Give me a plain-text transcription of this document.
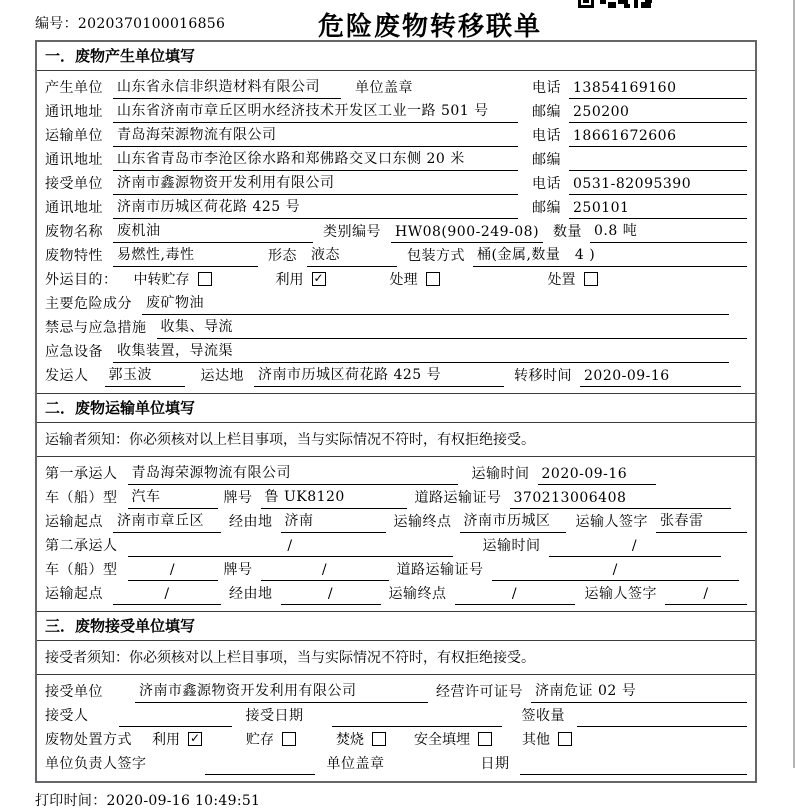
编号：2020370100016856	危险废物转移联单
一．废物产生单位填写
产生单位 山东省永信非织造材料有限公司	单位盖章	电话 13854169160
通讯地址 山东省济南市章丘区明水经济技术开发区工业一路 501 号	邮编 250200
运输单位 青岛海荣源物流有限公司	电话 18661672606
通讯地址 山东省青岛市李沧区徐水路和郑佛路交叉口东侧 20 米	邮编
接受单位 济南市鑫源物资开发利用有限公司	电话 0531-82095390
通讯地址 济南市历城区荷花路 425 号	邮编 250101
废物名称 废机油	类别编号 HW08(900-249-08) 数量 0.8 吨
废物特性 易燃性,毒性	形态 液态	包装方式 桶(金属,数量　4 )
外运目的： 中转贮存	利用 ✓	处理	处置
主要危险成分 废矿物油
禁忌与应急措施 收集、导流
应急设备 收集装置，导流渠
发运人 郭玉波	运达地 济南市历城区荷花路 425 号	转移时间 2020-09-16
二．废物运输单位填写
运输者须知：你必须核对以上栏目事项，当与实际情况不符时，有权拒绝接受。
第一承运人 青岛海荣源物流有限公司	运输时间 2020-09-16
车（船）型 汽车	牌号 鲁 UK8120	道路运输证号 370213006408
运输起点 济南市章丘区	经由地 济南	运输终点 济南市历城区	运输人签字 张春雷
第二承运人	/	运输时间	/
车（船）型	/	牌号	/	道路运输证号	/
运输起点	/	经由地	/	运输终点	/	运输人签字	/
三．废物接受单位填写
接受者须知：你必须核对以上栏目事项，当与实际情况不符时，有权拒绝接受。
接受单位	济南市鑫源物资开发利用有限公司	经营许可证号 济南危证 02 号
接受人	接受日期	签收量
废物处置方式 利用 ✓	贮存	焚烧	安全填埋	其他
单位负责人签字	单位盖章	日期
打印时间：2020-09-16 10:49:51
